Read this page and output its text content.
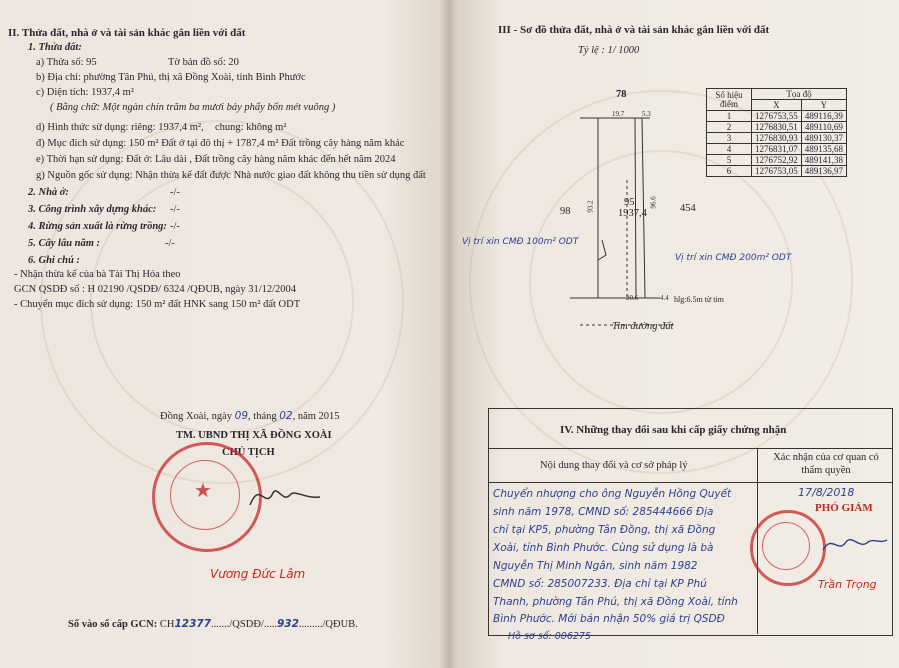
II. Thửa đất, nhà ở và tài sản khác gắn liền với đất
1. Thửa đất:
a) Thửa số: 95	Tờ bản đồ số: 20
b) Địa chỉ: phường Tân Phú, thị xã Đồng Xoài, tỉnh Bình Phước
c) Diện tích: 1937,4 m²
( Bằng chữ: Một ngàn chín trăm ba mươi bảy phẩy bốn mét vuông )
d) Hình thức sử dụng: riêng: 1937,4 m², chung: không m²
đ) Mục đích sử dụng: 150 m² Đất ở tại đô thị + 1787,4 m² Đất trồng cây hàng năm khác
e) Thời hạn sử dụng: Đất ở: Lâu dài , Đất trồng cây hàng năm khác đến hết năm 2024
g) Nguồn gốc sử dụng: Nhận thừa kế đất được Nhà nước giao đất không thu tiền sử dụng đất
2. Nhà ở:	-/-
3. Công trình xây dựng khác: -/-
4. Rừng sản xuất là rừng trồng: -/-
5. Cây lâu năm :	-/-
6. Ghi chú :
- Nhận thừa kế của bà Tài Thị Hóa theo
GCN QSDĐ số : H 02190 /QSDĐ/ 6324 /QĐUB, ngày 31/12/2004
- Chuyển mục đích sử dụng: 150 m² đất HNK sang 150 m² đất ODT
Đồng Xoài, ngày 09, tháng 02, năm 2015
TM. UBND THỊ XÃ ĐỒNG XOÀI
CHỦ TỊCH
★
Vương Đức Lâm
Số vào sổ cấp GCN: CH12377......./QSDĐ/.....932........./QĐUB.
III - Sơ đồ thửa đất, nhà ở và tài sản khác gắn liền với đất
Tỷ lệ : 1/ 1000
78
19.7	5.3
98	454
95
1937,4
93.2	96.6
20.6	4.4 hlg:6.5m từ tim
Tim đường đất
Vị trí xin CMĐ 100m² ODT
Vị trí xin CMĐ 200m² ODT
Số hiệu điểm	Tọa độ	
	X	Y
1	1276753,55	489116,39
2	1276830,51	489110,69
3	1276830,93	489130,37
4	1276831,07	489135,68
5	1276752,92	489141,38
6	1276753,05	489136,97
IV. Những thay đổi sau khi cấp giấy chứng nhận
Nội dung thay đổi và cơ sở pháp lý
Xác nhận của cơ quan có thẩm quyền
Chuyển nhượng cho ông Nguyễn Hồng Quyết
sinh năm 1978, CMND số: 285444666 Địa
chỉ tại KP5, phường Tân Đồng, thị xã Đồng
Xoài, tỉnh Bình Phước. Cùng sử dụng là bà
Nguyễn Thị Minh Ngân, sinh năm 1982
CMND số: 285007233. Địa chỉ tại KP Phú
Thanh, phường Tân Phú, thị xã Đồng Xoài, tỉnh
Bình Phước. Mới bán nhận 50% giá trị QSDĐ
Hồ sơ số: 006275
17/8/2018
PHÓ GIÁM
Trần Trọng
